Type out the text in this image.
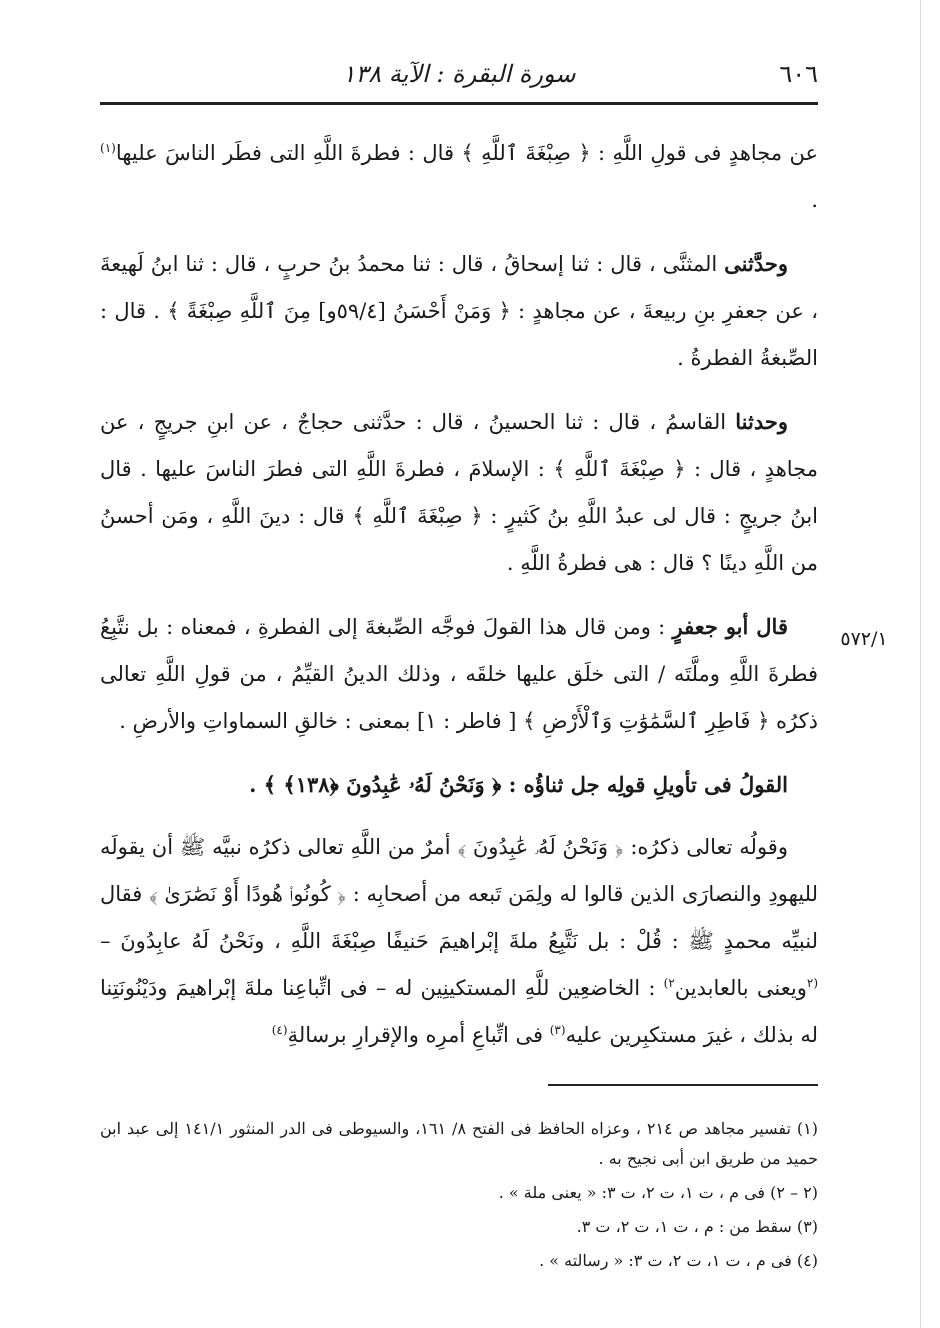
٦٠٦
سورة البقرة : الآية ١٣٨

عن مجاهدٍ فى قولِ اللَّهِ : ﴿ صِبْغَةَ ٱللَّهِ ﴾ قال : فطرةَ اللَّهِ التى فطَر الناسَ عليها$^{(١)}$ .

وحدَّثنى المثنَّى ، قال : ثنا إسحاقُ ، قال : ثنا محمدُ بنُ حربٍ ، قال : ثنا ابنُ لَهيعةَ ، عن جعفرِ بنِ ربيعةَ ، عن مجاهدٍ : ﴿ وَمَنْ أَحْسَنُ [٥٩/٤و] مِنَ ٱللَّهِ صِبْغَةً ﴾ . قال : الصِّبغةُ الفطرةُ .

وحدثنا القاسمُ ، قال : ثنا الحسينُ ، قال : حدَّثنى حجاجٌ ، عن ابنِ جريجٍ ، عن مجاهدٍ ، قال : ﴿ صِبْغَةَ ٱللَّهِ ﴾ : الإسلامَ ، فطرةَ اللَّهِ التى فطرَ الناسَ عليها . قال ابنُ جريجٍ : قال لى عبدُ اللَّهِ بنُ كَثيرٍ : ﴿ صِبْغَةَ ٱللَّهِ ﴾ قال : دينَ اللَّهِ ، ومَن أحسنُ من اللَّهِ دينًا ؟ قال : هى فطرةُ اللَّهِ .

قال أبو جعفرٍ : ومن قال هذا القولَ فوجَّه الصِّبغةَ إلى الفطرةِ ، فمعناه : بل نتَّبِعُ فطرةَ اللَّهِ وملَّتَه / التى خلَق عليها خلقَه ، وذلك الدينُ القيِّمُ ، من قولِ اللَّهِ تعالى ذكرُه ﴿ فَاطِرِ ٱلسَّمَٰوَٰتِ وَٱلْأَرْضِ ﴾ [ فاطر : ١] بمعنى : خالقِ السماواتِ والأرضِ .

القولُ فى تأويلِ قولِه جل ثناؤُه : ﴿ وَنَحْنُ لَهُۥ عَٰبِدُونَ ﴿١٣٨﴾ ﴾ .

وقولُه تعالى ذكرُه: ﴿ وَنَحْنُ لَهُۥ عَٰبِدُونَ ﴾ أمرٌ من اللَّهِ تعالى ذكرُه نبيَّه ﷺ أن يقولَه لليهودِ والنصارَى الذين قالوا له ولِمَن تَبعه من أصحابِه : ﴿ كُونُوا۟ هُودًا أَوْ نَصَٰرَىٰ ﴾ فقال لنبيِّه محمدٍ ﷺ : قُلْ : بل نَتَّبِعُ ملةَ إبْراهيمَ حَنيفًا صِبْغَةَ اللَّهِ ، ونَحْنُ لَهُ عابِدُونَ – $^{(٢}$ويعنى بالعابدين$^{٢)}$ : الخاضعِين للَّهِ المستكينِين له – فى اتِّباعِنا ملةَ إبْراهيمَ ودَيْنُونَتِنا له بذلك ، غيرَ مستكبِرين عليه$^{(٣)}$ فى اتِّباعِ أمرِه والإقرارِ برسالةِ$^{(٤)}$

٥٧٢/١

(١) تفسير مجاهد ص ٢١٤ ، وعزاه الحافظ فى الفتح ٨/ ١٦١، والسيوطى فى الدر المنثور ١٤١/١ إلى عبد ابن حميد من طريق ابن أبى نجيح به .

(٢ – ٢) فى م ، ت ١، ت ٢، ت ٣: « يعنى ملة » .

(٣) سقط من : م ، ت ١، ت ٢، ت ٣.

(٤) فى م ، ت ١، ت ٢، ت ٣: « رسالته » .
